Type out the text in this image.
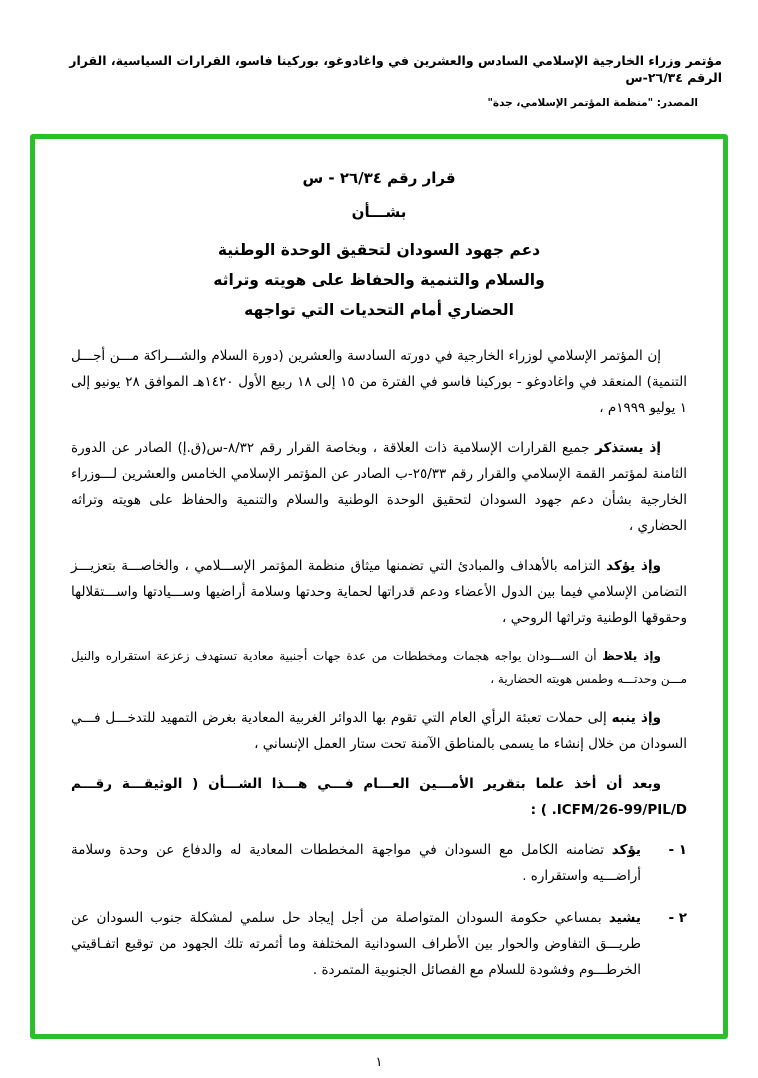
مؤتمر وزراء الخارجية الإسلامي السادس والعشرين في واغادوغو، بوركينا فاسو، القرارات السياسية، القرار الرقم ٢٦/٣٤-س
المصدر: "منظمة المؤتمر الإسلامي، جدة"
قرار رقم ٢٦/٣٤ - س
بشـــأن
دعم جهود السودان لتحقيق الوحدة الوطنية
والسلام والتنمية والحفاظ على هويته وتراثه
الحضاري أمام التحديات التي تواجهه

إن المؤتمر الإسلامي لوزراء الخارجية في دورته السادسة والعشرين (دورة السلام والشـــراكة مـــن أجـــل التنمية) المنعقد في واغادوغو - بوركينا فاسو في الفترة من ١٥ إلى ١٨ ربيع الأول ١٤٢٠هـ الموافق ٢٨ يونيو إلى ١ يوليو ١٩٩٩م ،

إذ يستذكر جميع القرارات الإسلامية ذات العلاقة ، وبخاصة القرار رقم ٨/٣٢-س(ق.إ) الصادر عن الدورة الثامنة لمؤتمر القمة الإسلامي والقرار رقم ٢٥/٣٣-ب الصادر عن المؤتمر الإسلامي الخامس والعشرين لـــوزراء الخارجية بشأن دعم جهود السودان لتحقيق الوحدة الوطنية والسلام والتنمية والحفاظ على هويته وتراثه الحضاري ،

وإذ يؤكد التزامه بالأهداف والمبادئ التي تضمنها ميثاق منظمة المؤتمر الإســـلامي ، والخاصـــة بتعزيـــز التضامن الإسلامي فيما بين الدول الأعضاء ودعم قدراتها لحماية وحدتها وسلامة أراضيها وســـيادتها واســـتقلالها وحقوقها الوطنية وتراثها الروحي ،

وإذ يلاحظ أن الســـودان يواجه هجمات ومخططات من عدة جهات أجنبية معادية تستهدف زعزعة استقراره والنيل مـــن وحدتـــه وطمس هويته الحضارية ،

وإذ ينبه إلى حملات تعبئة الرأي العام التي تقوم بها الدوائر الغربية المعادية بغرض التمهيد للتدخـــل فـــي السودان من خلال إنشاء ما يسمى بالمناطق الآمنة تحت ستار العمل الإنساني ،

وبعد أن أخذ علما بتقرير الأمـــين العـــام فـــي هـــذا الشـــأن ( الوثيقـــة رقـــم ICFM/26-99/PIL/D. ) :

١ -
يؤكد تضامنه الكامل مع السودان في مواجهة المخططات المعادية له والدفاع عن وحدة وسلامة أراضـــيه واستقراره .
٢ -
يشيد بمساعي حكومة السودان المتواصلة من أجل إيجاد حل سلمي لمشكلة جنوب السودان عن طريـــق التفاوض والحوار بين الأطراف السودانية المختلفة وما أثمرته تلك الجهود من توقيع اتفـاقيتي الخرطـــوم وفشودة للسلام مع الفصائل الجنوبية المتمردة .
١
